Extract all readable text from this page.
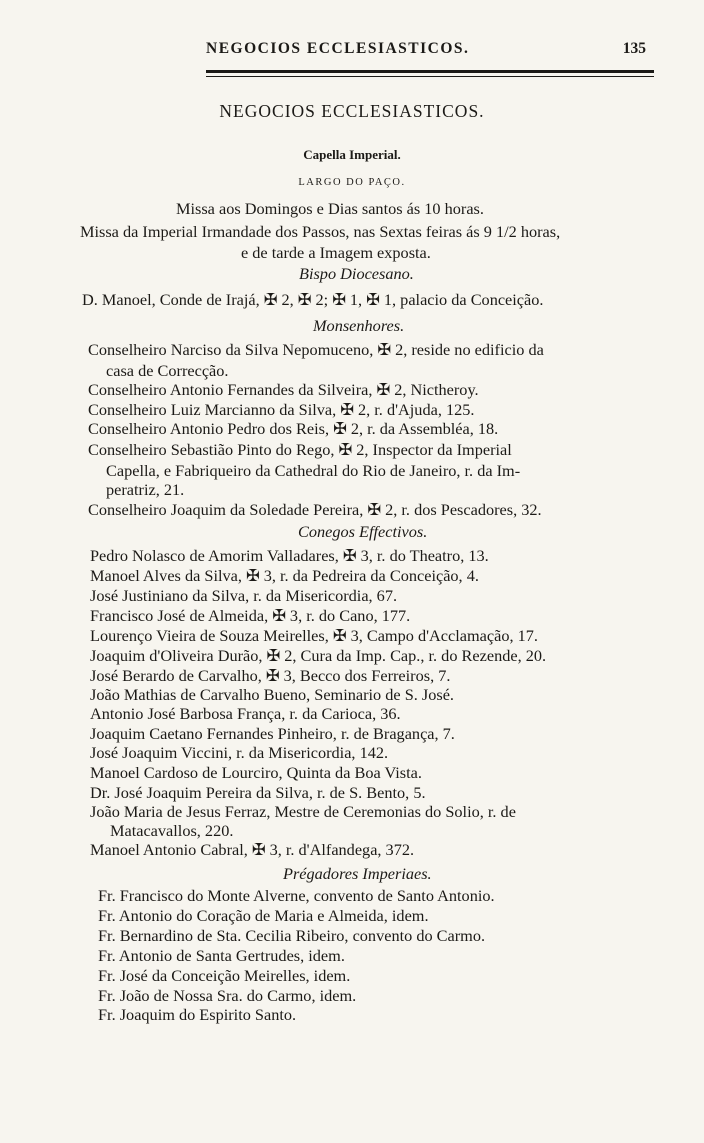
NEGOCIOS ECCLESIASTICOS.	135
NEGOCIOS ECCLESIASTICOS.
Capella Imperial.
LARGO DO PAÇO.
Missa aos Domingos e Dias santos ás 10 horas.
Missa da Imperial Irmandade dos Passos, nas Sextas feiras ás 9 1/2 horas,
e de tarde a Imagem exposta.
Bispo Diocesano.
D. Manoel, Conde de Irajá, ✠ 2, ✠ 2; ✠ 1, ✠ 1, palacio da Conceição.
Monsenhores.
Conselheiro Narciso da Silva Nepomuceno, ✠ 2, reside no edificio da
casa de Correcção.
Conselheiro Antonio Fernandes da Silveira, ✠ 2, Nictheroy.
Conselheiro Luiz Marcianno da Silva, ✠ 2, r. d'Ajuda, 125.
Conselheiro Antonio Pedro dos Reis, ✠ 2, r. da Assembléa, 18.
Conselheiro Sebastião Pinto do Rego, ✠ 2, Inspector da Imperial
Capella, e Fabriqueiro da Cathedral do Rio de Janeiro, r. da Im-
peratriz, 21.
Conselheiro Joaquim da Soledade Pereira, ✠ 2, r. dos Pescadores, 32.
Conegos Effectivos.
Pedro Nolasco de Amorim Valladares, ✠ 3, r. do Theatro, 13.
Manoel Alves da Silva, ✠ 3, r. da Pedreira da Conceição, 4.
José Justiniano da Silva, r. da Misericordia, 67.
Francisco José de Almeida, ✠ 3, r. do Cano, 177.
Lourenço Vieira de Souza Meirelles, ✠ 3, Campo d'Acclamação, 17.
Joaquim d'Oliveira Durão, ✠ 2, Cura da Imp. Cap., r. do Rezende, 20.
José Berardo de Carvalho, ✠ 3, Becco dos Ferreiros, 7.
João Mathias de Carvalho Bueno, Seminario de S. José.
Antonio José Barbosa França, r. da Carioca, 36.
Joaquim Caetano Fernandes Pinheiro, r. de Bragança, 7.
José Joaquim Viccini, r. da Misericordia, 142.
Manoel Cardoso de Lourciro, Quinta da Boa Vista.
Dr. José Joaquim Pereira da Silva, r. de S. Bento, 5.
João Maria de Jesus Ferraz, Mestre de Ceremonias do Solio, r. de
Matacavallos, 220.
Manoel Antonio Cabral, ✠ 3, r. d'Alfandega, 372.
Prégadores Imperiaes.
Fr. Francisco do Monte Alverne, convento de Santo Antonio.
Fr. Antonio do Coração de Maria e Almeida, idem.
Fr. Bernardino de Sta. Cecilia Ribeiro, convento do Carmo.
Fr. Antonio de Santa Gertrudes, idem.
Fr. José da Conceição Meirelles, idem.
Fr. João de Nossa Sra. do Carmo, idem.
Fr. Joaquim do Espirito Santo.
